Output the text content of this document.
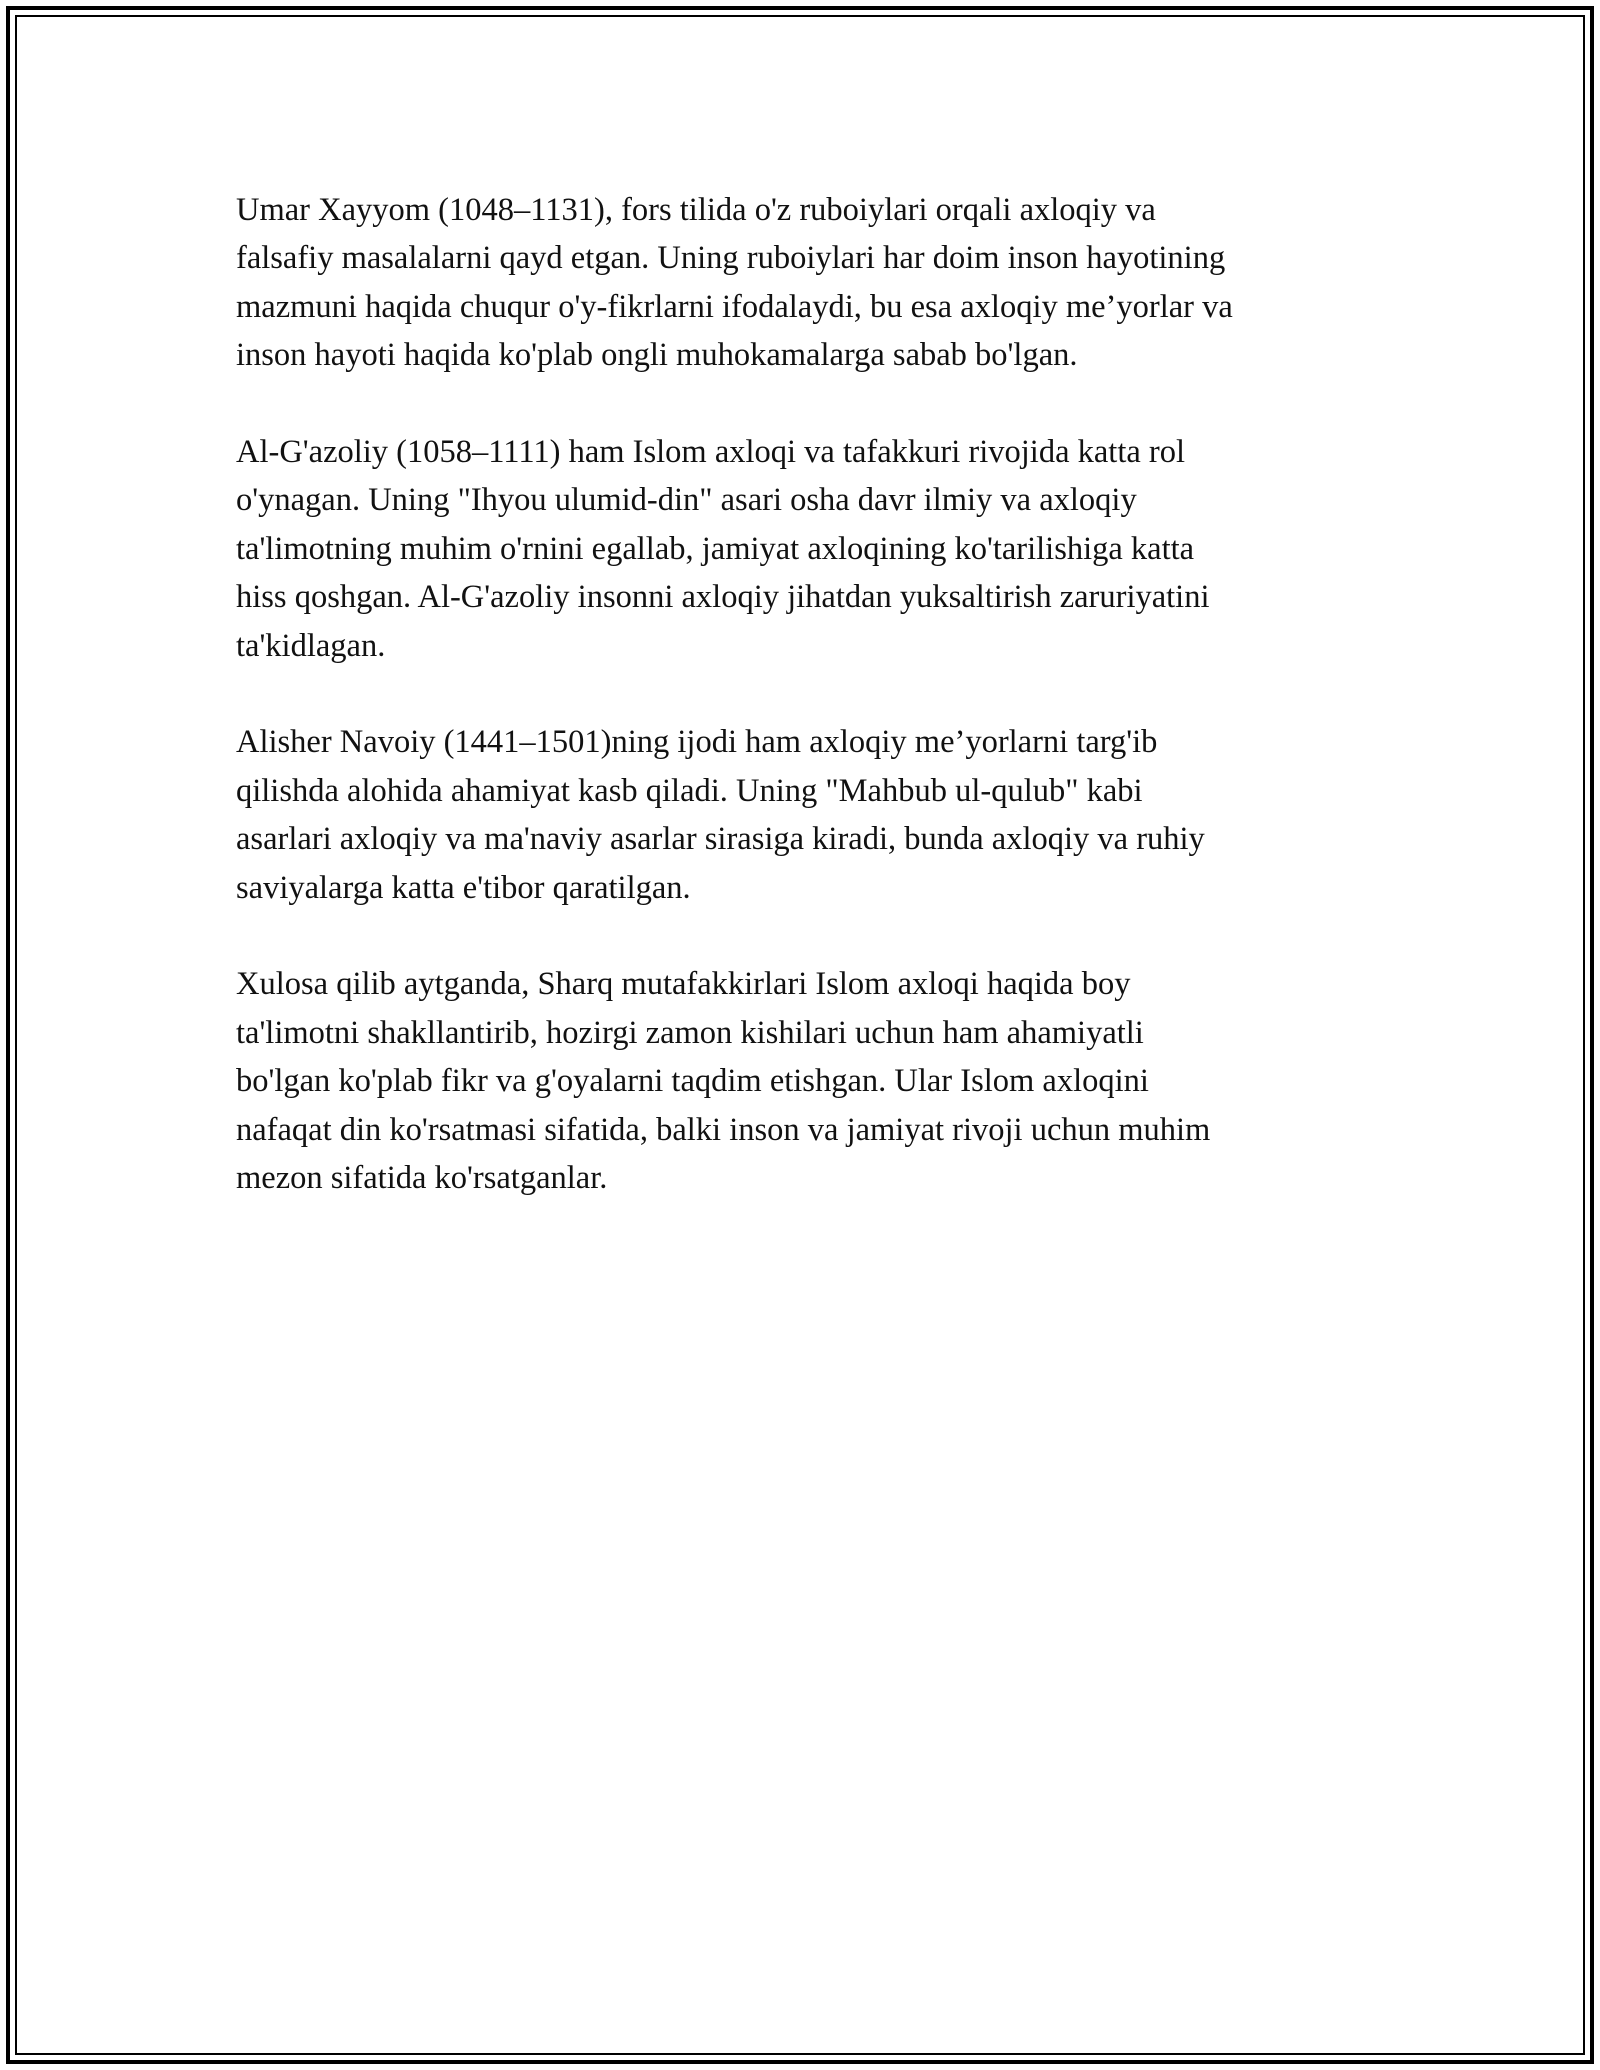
Umar Xayyom (1048–1131), fors tilida o'z ruboiylari orqali axloqiy va
falsafiy masalalarni qayd etgan. Uning ruboiylari har doim inson hayotining
mazmuni haqida chuqur o'y-fikrlarni ifodalaydi, bu esa axloqiy me’yorlar va
inson hayoti haqida ko'plab ongli muhokamalarga sabab bo'lgan.

Al-G'azoliy (1058–1111) ham Islom axloqi va tafakkuri rivojida katta rol
o'ynagan. Uning "Ihyou ulumid-din" asari osha davr ilmiy va axloqiy
ta'limotning muhim o'rnini egallab, jamiyat axloqining ko'tarilishiga katta
hiss qoshgan. Al-G'azoliy insonni axloqiy jihatdan yuksaltirish zaruriyatini
ta'kidlagan.

Alisher Navoiy (1441–1501)ning ijodi ham axloqiy me’yorlarni targ'ib
qilishda alohida ahamiyat kasb qiladi. Uning "Mahbub ul-qulub" kabi
asarlari axloqiy va ma'naviy asarlar sirasiga kiradi, bunda axloqiy va ruhiy
saviyalarga katta e'tibor qaratilgan.

Xulosa qilib aytganda, Sharq mutafakkirlari Islom axloqi haqida boy
ta'limotni shakllantirib, hozirgi zamon kishilari uchun ham ahamiyatli
bo'lgan ko'plab fikr va g'oyalarni taqdim etishgan. Ular Islom axloqini
nafaqat din ko'rsatmasi sifatida, balki inson va jamiyat rivoji uchun muhim
mezon sifatida ko'rsatganlar.
